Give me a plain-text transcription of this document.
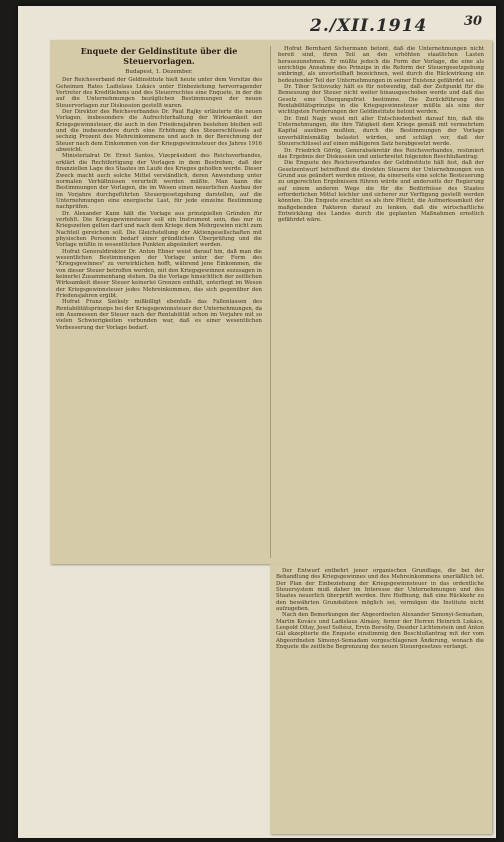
2./XII.1914	30
Enquete der Geldinstitute über die Steuervorlagen.
Budapest, 1. Dezember.

Der Reichsverband der Geldinstitute hielt heute unter dem Vorsitze des Geheimen Rates Ladislaus Lukács unter Einbeziehung hervorragender Vertreter des Kreditlebens und des Steuerrechtes eine Enquete, in der die auf die Unternehmungen bezüglichen Bestimmungen der neuen Steuervorlagen zur Diskussion gestellt waren.

Der Direktor des Reichsverbandes Dr. Paul Rajky erläuterte die neuen Vorlagen, insbesondere die Aufrechterhaltung der Wirksamkeit der Kriegsgewinnsteuer, die auch in den Friedensjahren bestehen bleiben soll und die insbesondere durch eine Erhöhung des Steuerschlüssels auf sechzig Prozent des Mehreinkommens und auch in der Berechnung der Steuer nach dem Einkommen von der Kriegsgewinnsteuer des Jahres 1916 abweicht.

Ministerialrat Dr. Ernst Santos, Vizepräsident des Reichsverbandes, erklärt die Rechtfertigung der Vorlagen in dem Bestreben, daß der finanziellen Lage des Staates im Laufe des Krieges geholfen werde. Dieser Zweck macht auch solche Mittel verständlich, deren Anwendung unter normalen Verhältnissen verurteilt werden müßte. Man kann die Bestimmungen der Vorlagen, die im Wesen einen neuerlichen Ausbau der im Vorjahre durchgeführten Steuergesetzgebung darstellen, auf die Unternehmungen eine energische Last, für jede einzelne Bestimmung nachprüfen.

Dr. Alexander Kann hält die Vorlage aus prinzipiellen Gründen für verfehlt. Die Kriegsgewinnsteuer soll ein Instrument sein, das nur in Kriegszeiten gelten darf und nach dem Kriege dem Mehrgewinn nicht zum Nachteil gereichen soll. Die Gleichstellung der Aktiengesellschaften mit physischen Personen bedarf einer gründlichen Überprüfung und die Vorlage müßte in wesentlichen Punkten abgeändert werden.

Hofrat Generaldirektor Dr. Anton Ebner weist darauf hin, daß man die wesentlichen Bestimmungen der Vorlage unter der Form des "Kriegsgewinnes" zu verwirklichen hofft, während jene Einkommen, die von dieser Steuer betroffen werden, mit den Kriegsgewinnen sozusagen in keinerlei Zusammenhang stehen. Da die Vorlage hinsichtlich der zeitlichen Wirksamkeit dieser Steuer keinerlei Grenzen enthält, unterliegt im Wesen der Kriegsgewinnsteuer jedes Mehreinkommen, das sich gegenüber den Friedensjahren ergibt.

Hofrat Franz Székely mißbilligt ebenfalls das Fallenlassen des Rentabilitätsprinzips bei der Kriegsgewinnsteuer der Unternehmungen, da ein Ausmessen der Steuer nach der Rentabilität schon im Vorjahre mit so vielen Schwierigkeiten verbunden war, daß es einer wesentlichen Verbesserung der Vorlage bedarf.

Hofrat Bernhard Sichermann betont, daß die Unternehmungen nicht bereit sind, ihren Teil an den erhöhten staatlichen Lasten herauszunehmen. Er müßte jedoch die Form der Vorlage, die eine als unrichtige Annahme des Prinzips in die Reform der Steuergesetzgebung einbringt, als unvorteilhaft bezeichnen, weil durch die Rückwirkung ein bedeutender Teil der Unternehmungen in seiner Existenz gefährdet sei.

Dr. Tibor Scitovszky hält es für notwendig, daß der Zeitpunkt für die Bemessung der Steuer nicht weiter hinausgeschoben werde und daß das Gesetz eine Übergangsfrist bestimme. Die Zurückführung des Rentabilitätsprinzips in die Kriegsgewinnsteuer müßte als eine der wichtigsten Forderungen der Geldinstitute betont werden.

Dr. Emil Nagy weist mit aller Entschiedenheit darauf hin, daß die Unternehmungen, die ihre Tätigkeit dem Kriege gemäß mit vermehrtem Kapital ausüben mußten, durch die Bestimmungen der Vorlage unverhältnismäßig belastet würden, und schlägt vor, daß der Steuerschlüssel auf einen mäßigeren Satz herabgesetzt werde.

Dr. Friedrich Görög, Generalsekretär des Reichsverbandes, resümiert das Ergebnis der Diskussion und unterbreitet folgenden Beschlußantrag:

Die Enquete des Reichsverbandes der Geldinstitute hält fest, daß der Gesetzentwurf betreffend die direkten Steuern der Unternehmungen von Grund aus geändert werden müsse, da einerseits eine solche Besteuerung zu ungerechten Ergebnissen führen würde und anderseits der Regierung auf einem anderen Wege die für die Bedürfnisse des Staates erforderlichen Mittel leichter und sicherer zur Verfügung gestellt werden könnten. Die Enquete erachtet es als ihre Pflicht, die Aufmerksamkeit der maßgebenden Faktoren darauf zu lenken, daß die wirtschaftliche Entwicklung des Landes durch die geplanten Maßnahmen ernstlich gefährdet wäre.

Der Entwurf entbehrt jener organischen Grundlage, die bei der Behandlung des Kriegsgewinnes und des Mehreinkommens unerläßlich ist. Der Plan der Einbeziehung der Kriegsgewinnsteuer in das ordentliche Steuersystem muß daher im Interesse der Unternehmungen und des Staates neuerlich überprüft werden. Ihre Hoffnung, daß eine Rückkehr zu den bewährten Grundsätzen möglich sei, vermögen die Institute nicht aufzugeben.

Nach den Bemerkungen der Abgeordneten Alexander Simonyi-Semadam, Martin Kovács und Ladislaus Almásy, ferner der Herren Heinrich Lukács, Leopold Oltay, Josef Soltész, Ervin Borsóhy, Desider Lichtenstein und Anton Gál akzeptierte die Enquete einstimmig den Beschlußantrag mit der vom Abgeordneten Simonyi-Semadam vorgeschlagenen Änderung, wonach die Enquete die zeitliche Begrenzung des neuen Steuergesetzes verlangt.
